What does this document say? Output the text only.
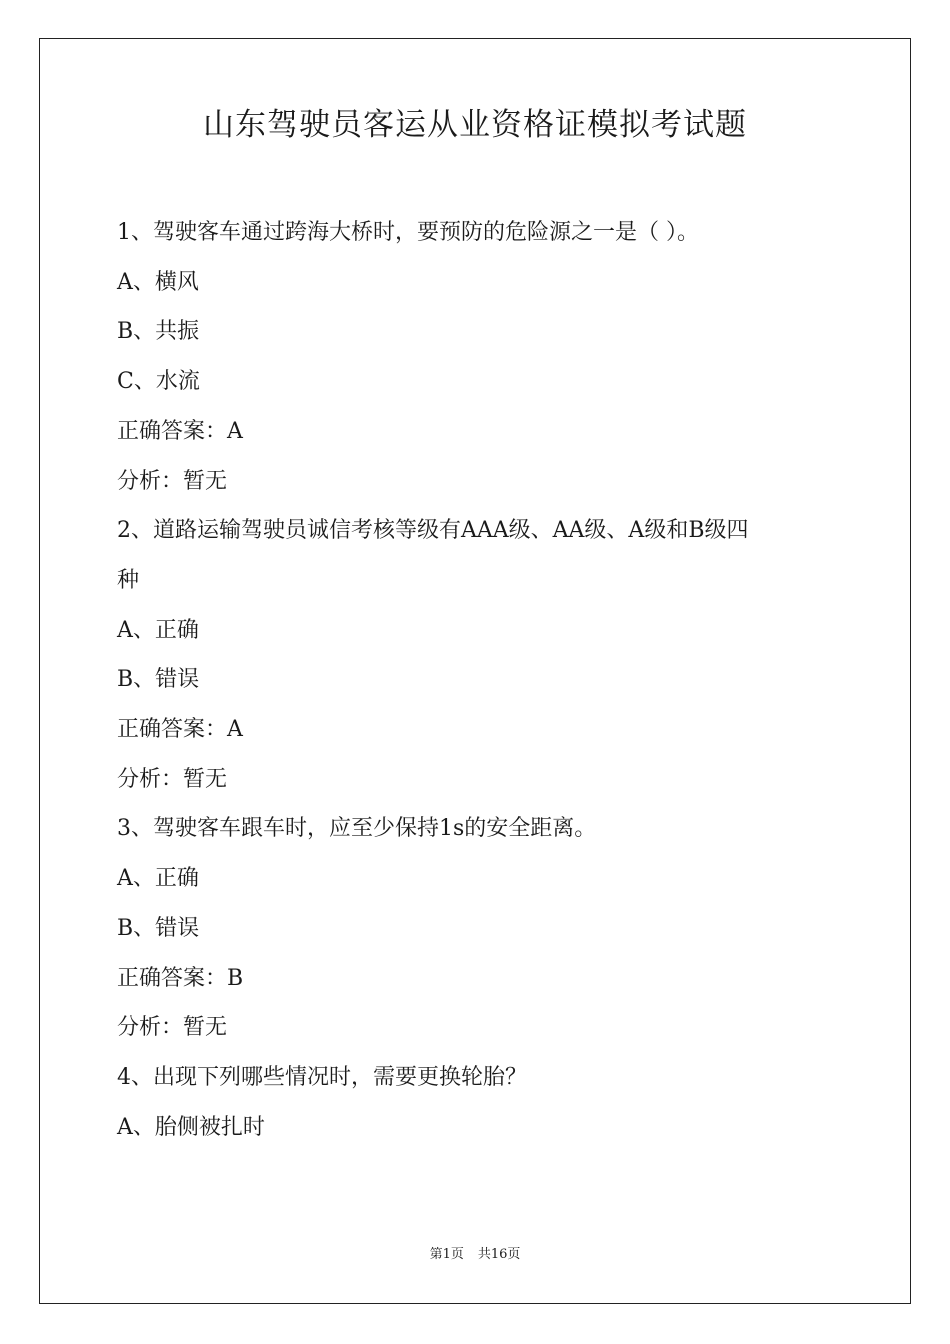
山东驾驶员客运从业资格证模拟考试题
1、驾驶客车通过跨海大桥时，要预防的危险源之一是（ ）。
A、横风
B、共振
C、水流
正确答案：A
分析：暂无
2、道路运输驾驶员诚信考核等级有AAA级、AA级、A级和B级四
种
A、正确
B、错误
正确答案：A
分析：暂无
3、驾驶客车跟车时，应至少保持1s的安全距离。
A、正确
B、错误
正确答案：B
分析：暂无
4、出现下列哪些情况时，需要更换轮胎？
A、胎侧被扎时
第1页 共16页
